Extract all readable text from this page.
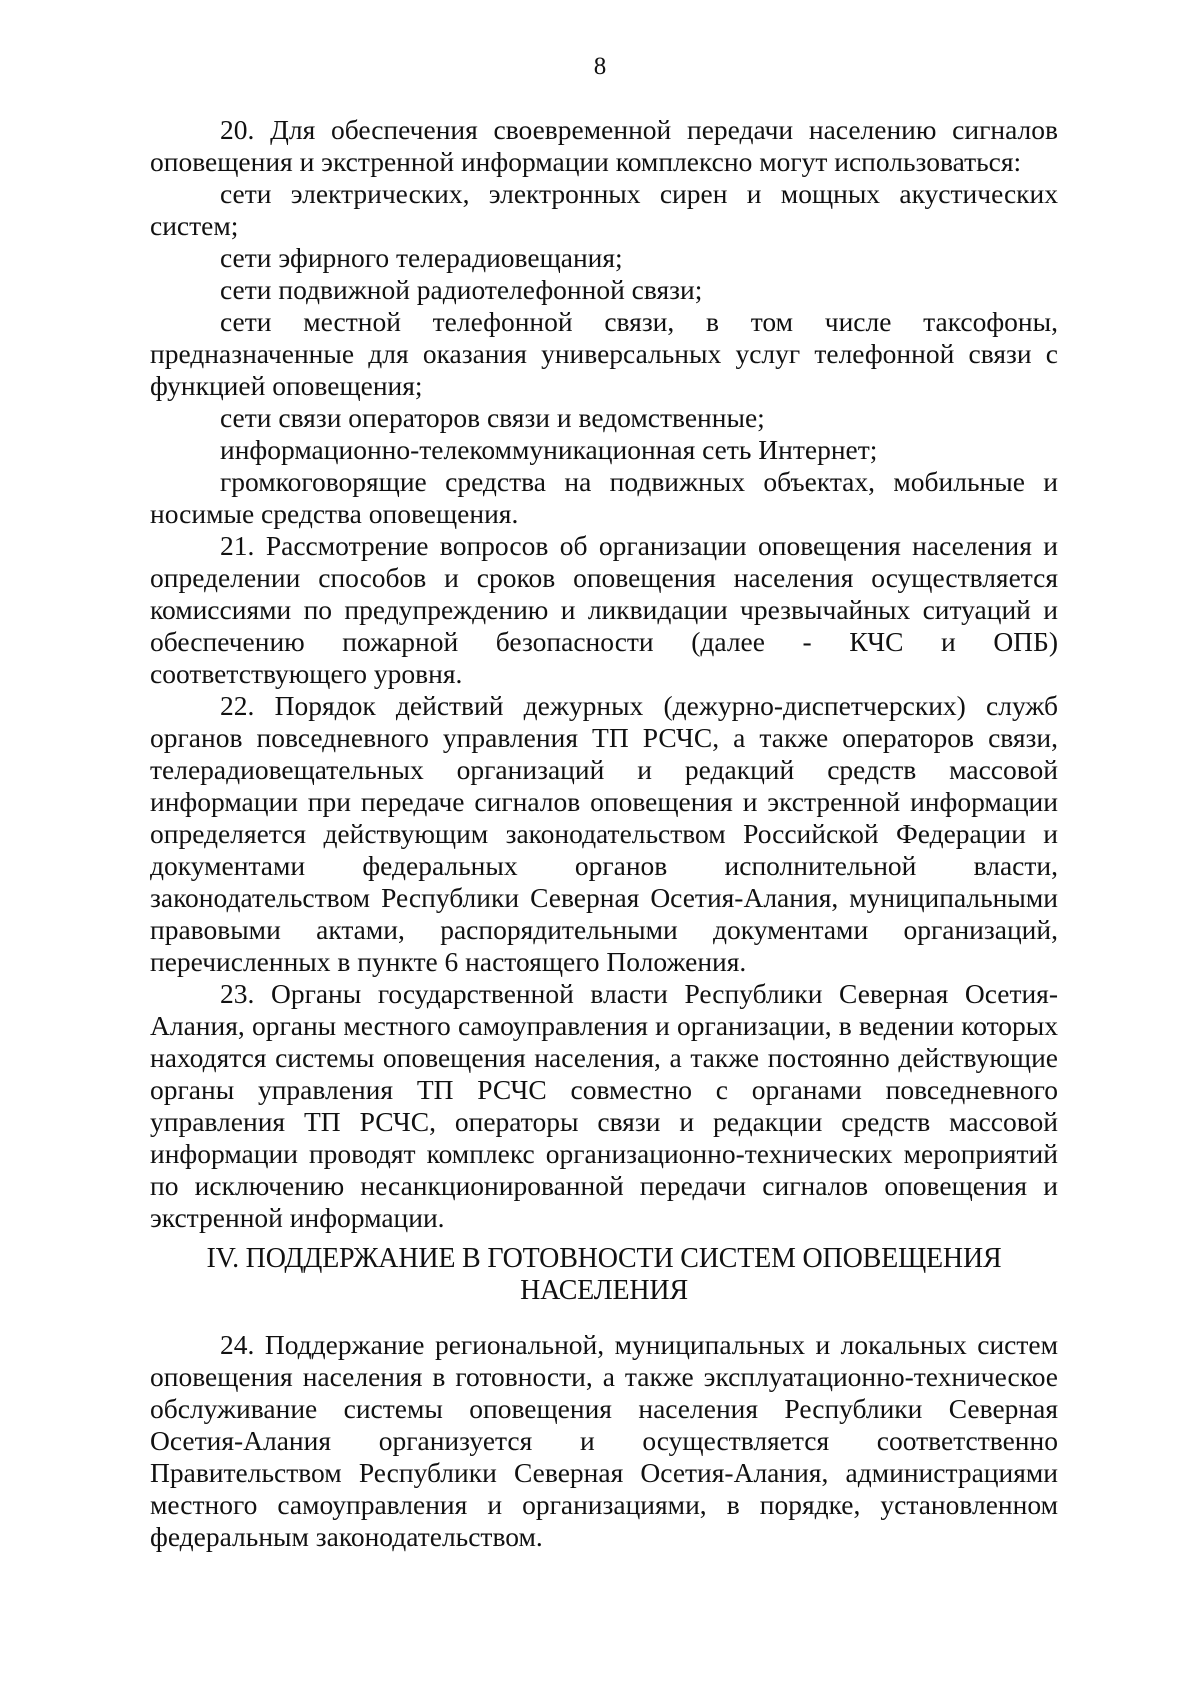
8

20. Для обеспечения своевременной передачи населению сигналов оповещения и экстренной информации комплексно могут использоваться:

сети электрических, электронных сирен и мощных акустических систем;

сети эфирного телерадиовещания;

сети подвижной радиотелефонной связи;

сети местной телефонной связи, в том числе таксофоны, предназначенные для оказания универсальных услуг телефонной связи с функцией оповещения;

сети связи операторов связи и ведомственные;

информационно-телекоммуникационная сеть Интернет;

громкоговорящие средства на подвижных объектах, мобильные и носимые средства оповещения.

21. Рассмотрение вопросов об организации оповещения населения и определении способов и сроков оповещения населения осуществляется комиссиями по предупреждению и ликвидации чрезвычайных ситуаций и обеспечению пожарной безопасности (далее - КЧС и ОПБ) соответствующего уровня.

22. Порядок действий дежурных (дежурно-диспетчерских) служб органов повседневного управления ТП РСЧС, а также операторов связи, телерадиовещательных организаций и редакций средств массовой информации при передаче сигналов оповещения и экстренной информации определяется действующим законодательством Российской Федерации и документами федеральных органов исполнительной власти, законодательством Республики Северная Осетия-Алания, муниципальными правовыми актами, распорядительными документами организаций, перечисленных в пункте 6 настоящего Положения.

23. Органы государственной власти Республики Северная Осетия-Алания, органы местного самоуправления и организации, в ведении которых находятся системы оповещения населения, а также постоянно действующие органы управления ТП РСЧС совместно с органами повседневного управления ТП РСЧС, операторы связи и редакции средств массовой информации проводят комплекс организационно-технических мероприятий по исключению несанкционированной передачи сигналов оповещения и экстренной информации.

IV. ПОДДЕРЖАНИЕ В ГОТОВНОСТИ СИСТЕМ ОПОВЕЩЕНИЯ НАСЕЛЕНИЯ

24. Поддержание региональной, муниципальных и локальных систем оповещения населения в готовности, а также эксплуатационно-техническое обслуживание системы оповещения населения Республики Северная Осетия-Алания организуется и осуществляется соответственно Правительством Республики Северная Осетия-Алания, администрациями местного самоуправления и организациями, в порядке, установленном федеральным законодательством.
